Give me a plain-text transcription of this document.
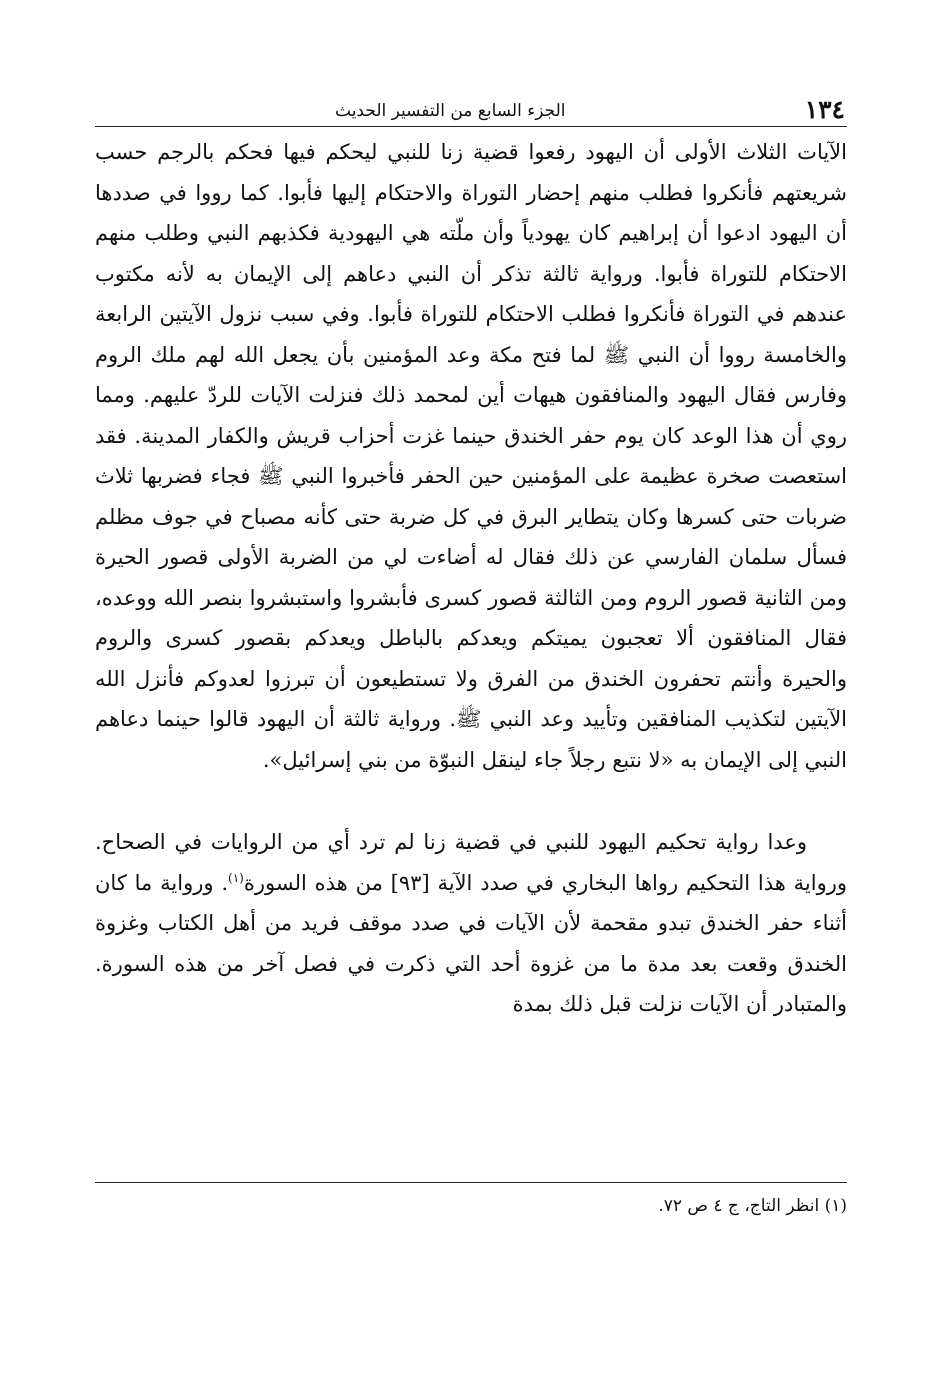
١٣٤
الجزء السابع من التفسير الحديث

الآيات الثلاث الأولى أن اليهود رفعوا قضية زنا للنبي ليحكم فيها فحكم بالرجم حسب شريعتهم فأنكروا فطلب منهم إحضار التوراة والاحتكام إليها فأبوا. كما رووا في صددها أن اليهود ادعوا أن إبراهيم كان يهودياً وأن ملّته هي اليهودية فكذبهم النبي وطلب منهم الاحتكام للتوراة فأبوا. ورواية ثالثة تذكر أن النبي دعاهم إلى الإيمان به لأنه مكتوب عندهم في التوراة فأنكروا فطلب الاحتكام للتوراة فأبوا. وفي سبب نزول الآيتين الرابعة والخامسة رووا أن النبي ﷺ لما فتح مكة وعد المؤمنين بأن يجعل الله لهم ملك الروم وفارس فقال اليهود والمنافقون هيهات أين لمحمد ذلك فنزلت الآيات للردّ عليهم. ومما روي أن هذا الوعد كان يوم حفر الخندق حينما غزت أحزاب قريش والكفار المدينة. فقد استعصت صخرة عظيمة على المؤمنين حين الحفر فأخبروا النبي ﷺ فجاء فضربها ثلاث ضربات حتى كسرها وكان يتطاير البرق في كل ضربة حتى كأنه مصباح في جوف مظلم فسأل سلمان الفارسي عن ذلك فقال له أضاءت لي من الضربة الأولى قصور الحيرة ومن الثانية قصور الروم ومن الثالثة قصور كسرى فأبشروا واستبشروا بنصر الله ووعده، فقال المنافقون ألا تعجبون يميتكم ويعدكم بالباطل ويعدكم بقصور كسرى والروم والحيرة وأنتم تحفرون الخندق من الفرق ولا تستطيعون أن تبرزوا لعدوكم فأنزل الله الآيتين لتكذيب المنافقين وتأييد وعد النبي ﷺ. ورواية ثالثة أن اليهود قالوا حينما دعاهم النبي إلى الإيمان به «لا نتبع رجلاً جاء لينقل النبوّة من بني إسرائيل».

وعدا رواية تحكيم اليهود للنبي في قضية زنا لم ترد أي من الروايات في الصحاح. ورواية هذا التحكيم رواها البخاري في صدد الآية [٩٣] من هذه السورة$^{(١)}$. ورواية ما كان أثناء حفر الخندق تبدو مقحمة لأن الآيات في صدد موقف فريد من أهل الكتاب وغزوة الخندق وقعت بعد مدة ما من غزوة أحد التي ذكرت في فصل آخر من هذه السورة. والمتبادر أن الآيات نزلت قبل ذلك بمدة

(١) انظر التاج، ج ٤ ص ٧٢.
